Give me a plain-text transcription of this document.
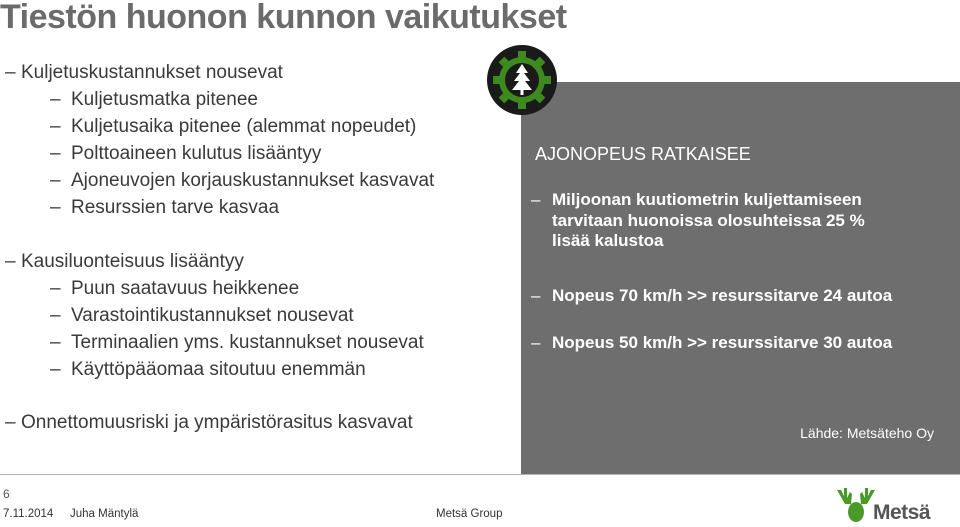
Tiestön huonon kunnon vaikutukset
– Kuljetuskustannukset nousevat
– Kuljetusmatka pitenee
– Kuljetusaika pitenee (alemmat nopeudet)
– Polttoaineen kulutus lisääntyy
– Ajoneuvojen korjauskustannukset kasvavat
– Resurssien tarve kasvaa
– Kausiluonteisuus lisääntyy
– Puun saatavuus heikkenee
– Varastointikustannukset nousevat
– Terminaalien yms. kustannukset nousevat
– Käyttöpääomaa sitoutuu enemmän
– Onnettomuusriski ja ympäristörasitus kasvavat
AJONOPEUS RATKAISEE
– Miljoonan kuutiometrin kuljettamiseen
tarvitaan huonoissa olosuhteissa 25 %
lisää kalustoa
– Nopeus 70 km/h >> resurssitarve 24 autoa
– Nopeus 50 km/h >> resurssitarve 30 autoa
Lähde: Metsäteho Oy
6
7.11.2014 Juha Mäntylä	Metsä Group	Metsä
